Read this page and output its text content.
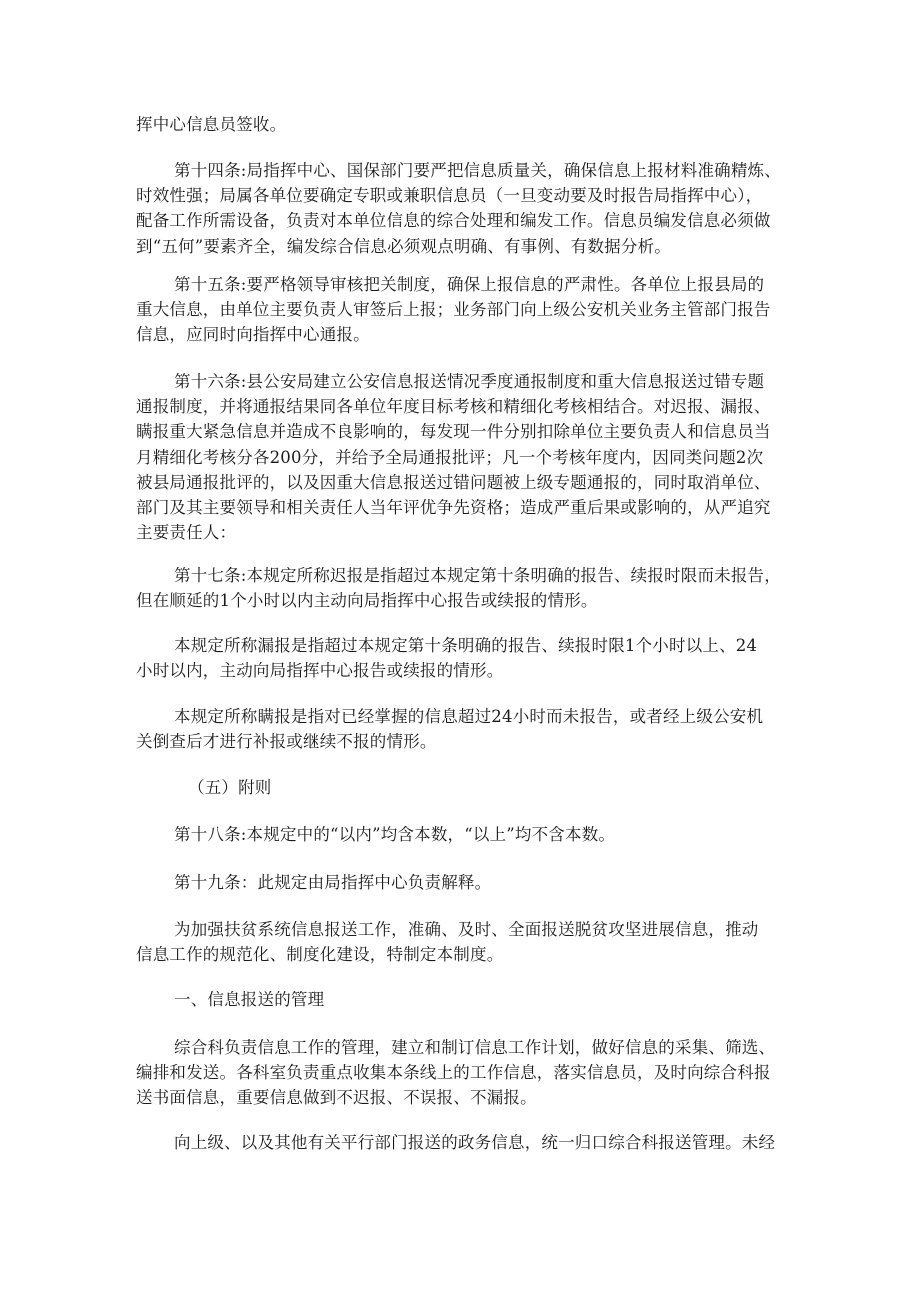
挥中心信息员签收。

第十四条:局指挥中心、国保部门要严把信息质量关，确保信息上报材料准确精炼、
时效性强；局属各单位要确定专职或兼职信息员（一旦变动要及时报告局指挥中心），
配备工作所需设备，负责对本单位信息的综合处理和编发工作。信息员编发信息必须做
到“五何”要素齐全，编发综合信息必须观点明确、有事例、有数据分析。

第十五条:要严格领导审核把关制度，确保上报信息的严肃性。各单位上报县局的
重大信息，由单位主要负责人审签后上报；业务部门向上级公安机关业务主管部门报告
信息，应同时向指挥中心通报。

第十六条:县公安局建立公安信息报送情况季度通报制度和重大信息报送过错专题
通报制度，并将通报结果同各单位年度目标考核和精细化考核相结合。对迟报、漏报、
瞒报重大紧急信息并造成不良影响的，每发现一件分别扣除单位主要负责人和信息员当
月精细化考核分各200分，并给予全局通报批评；凡一个考核年度内，因同类问题2次
被县局通报批评的，以及因重大信息报送过错问题被上级专题通报的，同时取消单位、
部门及其主要领导和相关责任人当年评优争先资格；造成严重后果或影响的，从严追究
主要责任人：

第十七条:本规定所称迟报是指超过本规定第十条明确的报告、续报时限而未报告，
但在顺延的1个小时以内主动向局指挥中心报告或续报的情形。

本规定所称漏报是指超过本规定第十条明确的报告、续报时限1个小时以上、24
小时以内，主动向局指挥中心报告或续报的情形。

本规定所称瞒报是指对已经掌握的信息超过24小时而未报告，或者经上级公安机
关倒查后才进行补报或继续不报的情形。

（五）附则

第十八条:本规定中的“以内”均含本数，“以上”均不含本数。

第十九条：此规定由局指挥中心负责解释。

为加强扶贫系统信息报送工作，准确、及时、全面报送脱贫攻坚进展信息，推动
信息工作的规范化、制度化建设，特制定本制度。

一、信息报送的管理

综合科负责信息工作的管理，建立和制订信息工作计划，做好信息的采集、筛选、
编排和发送。各科室负责重点收集本条线上的工作信息，落实信息员，及时向综合科报
送书面信息，重要信息做到不迟报、不误报、不漏报。

向上级、以及其他有关平行部门报送的政务信息，统一归口综合科报送管理。未经
